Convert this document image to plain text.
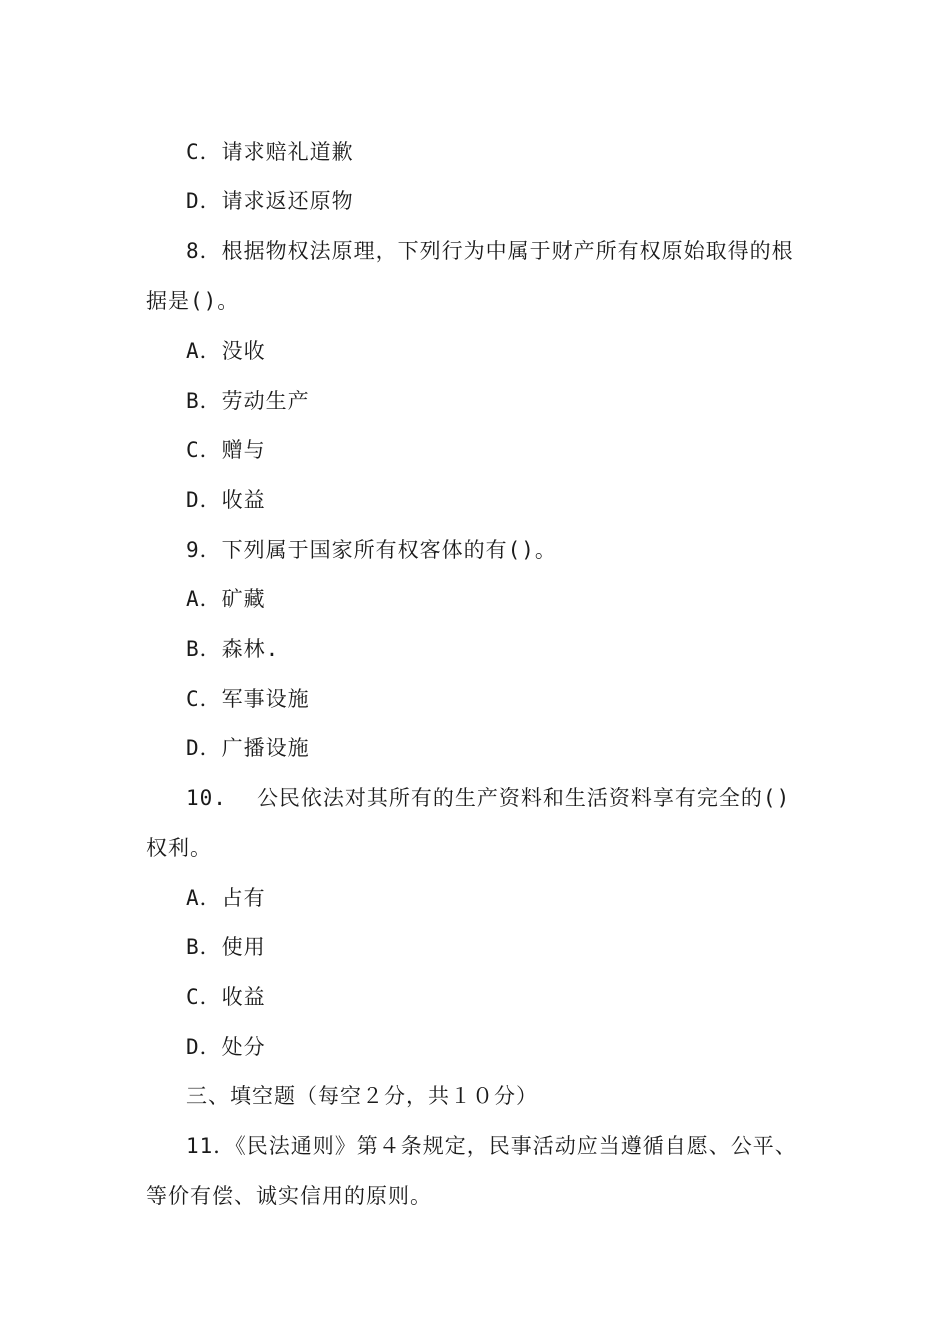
C．请求赔礼道歉
D．请求返还原物
8．根据物权法原理，下列行为中属于财产所有权原始取得的根
据是()。
A．没收
B．劳动生产
C．赠与
D．收益
9．下列属于国家所有权客体的有()。
A．矿藏
B．森林.
C．军事设施
D．广播设施
10. 公民依法对其所有的生产资料和生活资料享有完全的()
权利。
A．占有
B．使用
C．收益
D．处分
三、填空题（每空２分，共１０分）
11．《民法通则》第４条规定，民事活动应当遵循自愿、公平、
等价有偿、诚实信用的原则。
